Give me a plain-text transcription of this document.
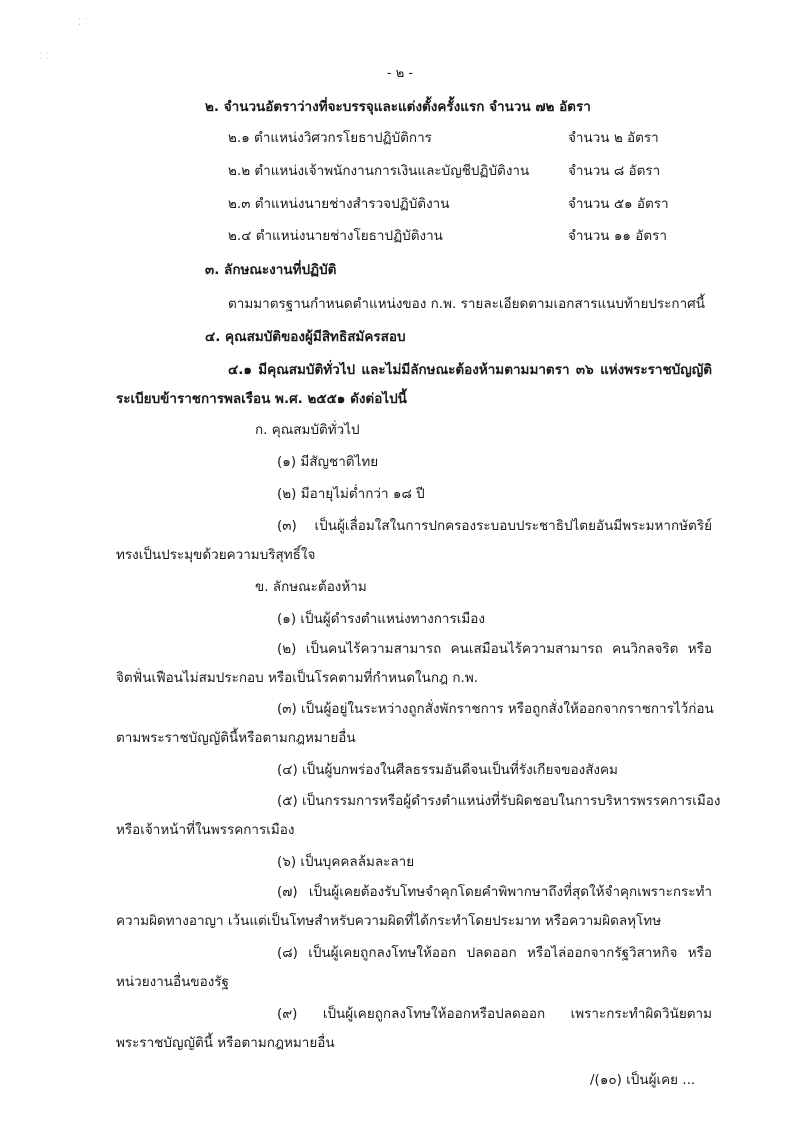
⁚ ˙
⁚ ⁚
- ๒ -
๒. จำนวนอัตราว่างที่จะบรรจุและแต่งตั้งครั้งแรก จำนวน ๗๒ อัตรา
๒.๑ ตำแหน่งวิศวกรโยธาปฏิบัติการ	จำนวน ๒ อัตรา
๒.๒ ตำแหน่งเจ้าพนักงานการเงินและบัญชีปฏิบัติงาน	จำนวน ๘ อัตรา
๒.๓ ตำแหน่งนายช่างสำรวจปฏิบัติงาน	จำนวน ๕๑ อัตรา
๒.๔ ตำแหน่งนายช่างโยธาปฏิบัติงาน	จำนวน ๑๑ อัตรา
๓. ลักษณะงานที่ปฏิบัติ
ตามมาตรฐานกำหนดตำแหน่งของ ก.พ. รายละเอียดตามเอกสารแนบท้ายประกาศนี้
๔. คุณสมบัติของผู้มีสิทธิสมัครสอบ
๔.๑ มีคุณสมบัติทั่วไป และไม่มีลักษณะต้องห้ามตามมาตรา ๓๖ แห่งพระราชบัญญัติ
ระเบียบข้าราชการพลเรือน พ.ศ. ๒๕๕๑ ดังต่อไปนี้
ก. คุณสมบัติทั่วไป
(๑) มีสัญชาติไทย
(๒) มีอายุไม่ต่ำกว่า ๑๘ ปี
(๓) เป็นผู้เลื่อมใสในการปกครองระบอบประชาธิปไตยอันมีพระมหากษัตริย์
ทรงเป็นประมุขด้วยความบริสุทธิ์ใจ
ข. ลักษณะต้องห้าม
(๑) เป็นผู้ดำรงตำแหน่งทางการเมือง
(๒) เป็นคนไร้ความสามารถ คนเสมือนไร้ความสามารถ คนวิกลจริต หรือ
จิตฟั่นเฟือนไม่สมประกอบ หรือเป็นโรคตามที่กำหนดในกฎ ก.พ.
(๓) เป็นผู้อยู่ในระหว่างถูกสั่งพักราชการ หรือถูกสั่งให้ออกจากราชการไว้ก่อน
ตามพระราชบัญญัตินี้หรือตามกฎหมายอื่น
(๔) เป็นผู้บกพร่องในศีลธรรมอันดีจนเป็นที่รังเกียจของสังคม
(๕) เป็นกรรมการหรือผู้ดำรงตำแหน่งที่รับผิดชอบในการบริหารพรรคการเมือง
หรือเจ้าหน้าที่ในพรรคการเมือง
(๖) เป็นบุคคลล้มละลาย
(๗) เป็นผู้เคยต้องรับโทษจำคุกโดยคำพิพากษาถึงที่สุดให้จำคุกเพราะกระทำ
ความผิดทางอาญา เว้นแต่เป็นโทษสำหรับความผิดที่ได้กระทำโดยประมาท หรือความผิดลหุโทษ
(๘) เป็นผู้เคยถูกลงโทษให้ออก ปลดออก หรือไล่ออกจากรัฐวิสาหกิจ หรือ
หน่วยงานอื่นของรัฐ
(๙) เป็นผู้เคยถูกลงโทษให้ออกหรือปลดออก เพราะกระทำผิดวินัยตาม
พระราชบัญญัตินี้ หรือตามกฎหมายอื่น
/(๑๐) เป็นผู้เคย ...
